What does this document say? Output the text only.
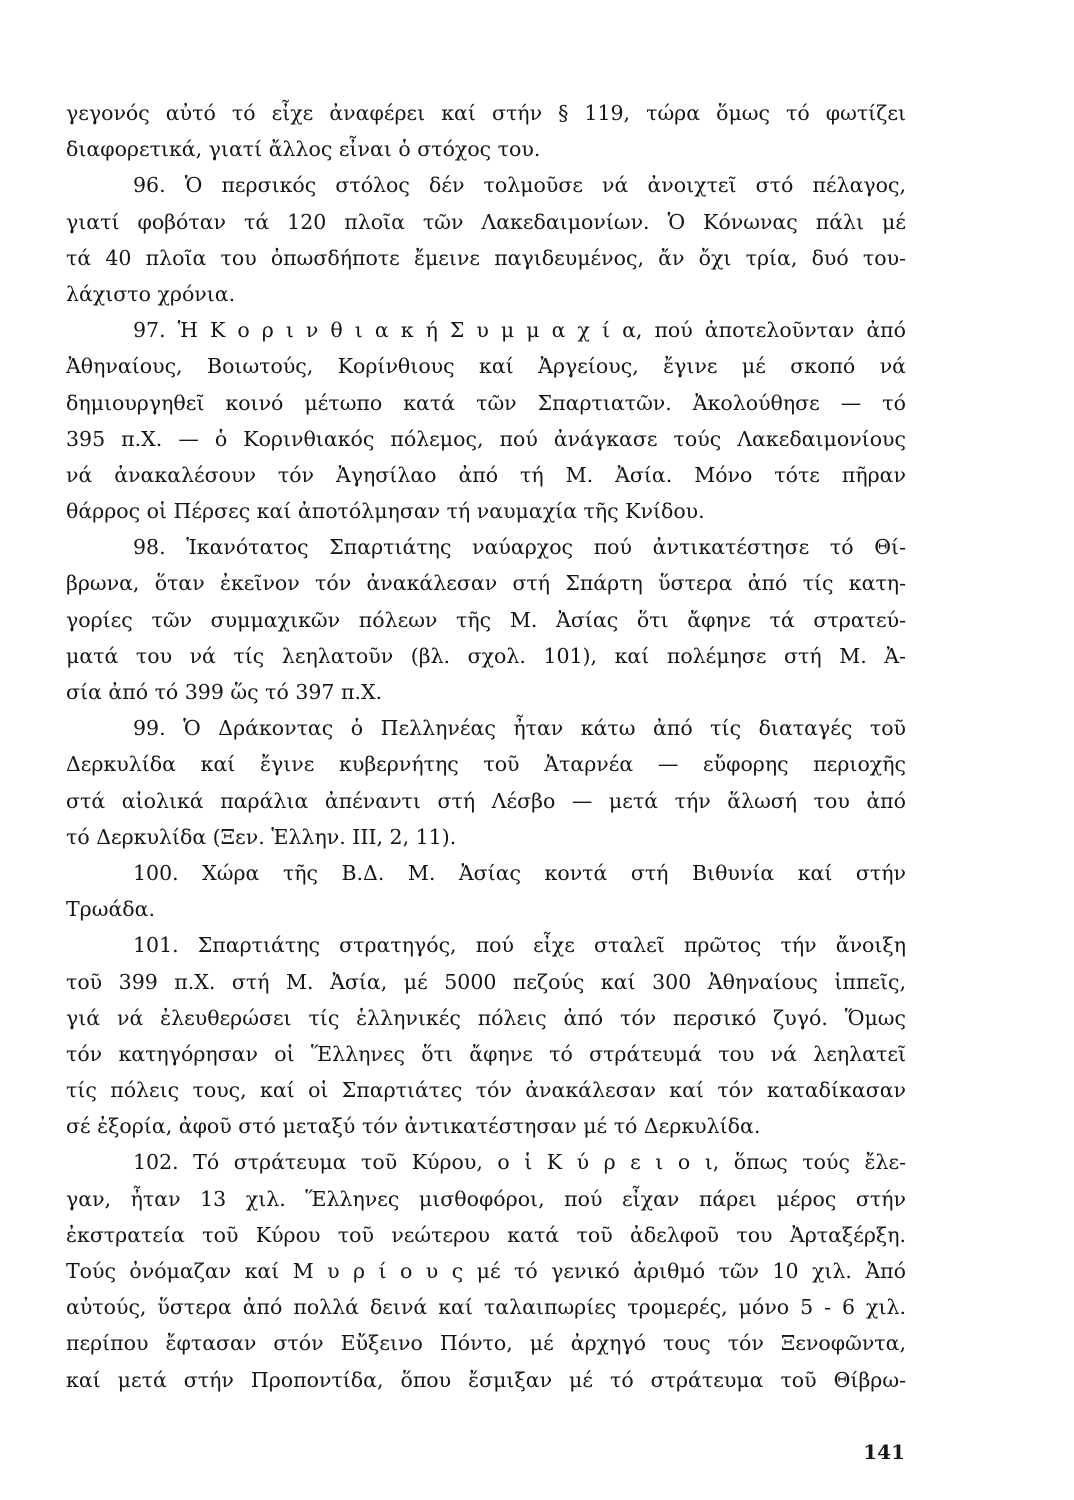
γεγονός αὐτό τό εἶχε ἀναφέρει καί στήν § 119, τώρα ὅμως τό φωτίζει
διαφορετικά, γιατί ἄλλος εἶναι ὁ στόχος του.
96. Ὁ περσικός στόλος δέν τολμοῦσε νά ἀνοιχτεῖ στό πέλαγος,
γιατί φοβόταν τά 120 πλοῖα τῶν Λακεδαιμονίων. Ὁ Κόνωνας πάλι μέ
τά 40 πλοῖα του ὁπωσδήποτε ἔμεινε παγιδευμένος, ἄν ὄχι τρία, δυό του-
λάχιστο χρόνια.
97. Ἡ Κ ο ρ ι ν θ ι α κ ή Σ υ μ μ α χ ί α, πού ἀποτελοῦνταν ἀπό
Ἀθηναίους, Βοιωτούς, Κορίνθιους καί Ἀργείους, ἔγινε μέ σκοπό νά
δημιουργηθεῖ κοινό μέτωπο κατά τῶν Σπαρτιατῶν. Ἀκολούθησε — τό
395 π.Χ. — ὁ Κορινθιακός πόλεμος, πού ἀνάγκασε τούς Λακεδαιμονίους
νά ἀνακαλέσουν τόν Ἀγησίλαο ἀπό τή Μ. Ἀσία. Μόνο τότε πῆραν
θάρρος οἱ Πέρσες καί ἀποτόλμησαν τή ναυμαχία τῆς Κνίδου.
98. Ἱκανότατος Σπαρτιάτης ναύαρχος πού ἀντικατέστησε τό Θί-
βρωνα, ὅταν ἐκεῖνον τόν ἀνακάλεσαν στή Σπάρτη ὕστερα ἀπό τίς κατη-
γορίες τῶν συμμαχικῶν πόλεων τῆς Μ. Ἀσίας ὅτι ἄφηνε τά στρατεύ-
ματά του νά τίς λεηλατοῦν (βλ. σχολ. 101), καί πολέμησε στή Μ. Ἀ-
σία ἀπό τό 399 ὥς τό 397 π.Χ.
99. Ὁ Δράκοντας ὁ Πελληνέας ἦταν κάτω ἀπό τίς διαταγές τοῦ
Δερκυλίδα καί ἔγινε κυβερνήτης τοῦ Ἀταρνέα — εὔφορης περιοχῆς
στά αἰολικά παράλια ἀπέναντι στή Λέσβο — μετά τήν ἅλωσή του ἀπό
τό Δερκυλίδα (Ξεν. Ἑλλην. III, 2, 11).
100. Χώρα τῆς Β.Δ. Μ. Ἀσίας κοντά στή Βιθυνία καί στήν
Τρωάδα.
101. Σπαρτιάτης στρατηγός, πού εἶχε σταλεῖ πρῶτος τήν ἄνοιξη
τοῦ 399 π.Χ. στή Μ. Ἀσία, μέ 5000 πεζούς καί 300 Ἀθηναίους ἱππεῖς,
γιά νά ἐλευθερώσει τίς ἑλληνικές πόλεις ἀπό τόν περσικό ζυγό. Ὅμως
τόν κατηγόρησαν οἱ Ἕλληνες ὅτι ἄφηνε τό στράτευμά του νά λεηλατεῖ
τίς πόλεις τους, καί οἱ Σπαρτιάτες τόν ἀνακάλεσαν καί τόν καταδίκασαν
σέ ἐξορία, ἀφοῦ στό μεταξύ τόν ἀντικατέστησαν μέ τό Δερκυλίδα.
102. Τό στράτευμα τοῦ Κύρου, ο ἱ Κ ύ ρ ε ι ο ι, ὅπως τούς ἔλε-
γαν, ἦταν 13 χιλ. Ἕλληνες μισθοφόροι, πού εἶχαν πάρει μέρος στήν
ἐκστρατεία τοῦ Κύρου τοῦ νεώτερου κατά τοῦ ἀδελφοῦ του Ἀρταξέρξη.
Τούς ὀνόμαζαν καί Μ υ ρ ί ο υ ς μέ τό γενικό ἀριθμό τῶν 10 χιλ. Ἀπό
αὐτούς, ὕστερα ἀπό πολλά δεινά καί ταλαιπωρίες τρομερές, μόνο 5 - 6 χιλ.
περίπου ἔφτασαν στόν Εὔξεινο Πόντο, μέ ἀρχηγό τους τόν Ξενοφῶντα,
καί μετά στήν Προποντίδα, ὅπου ἔσμιξαν μέ τό στράτευμα τοῦ Θίβρω-
141
